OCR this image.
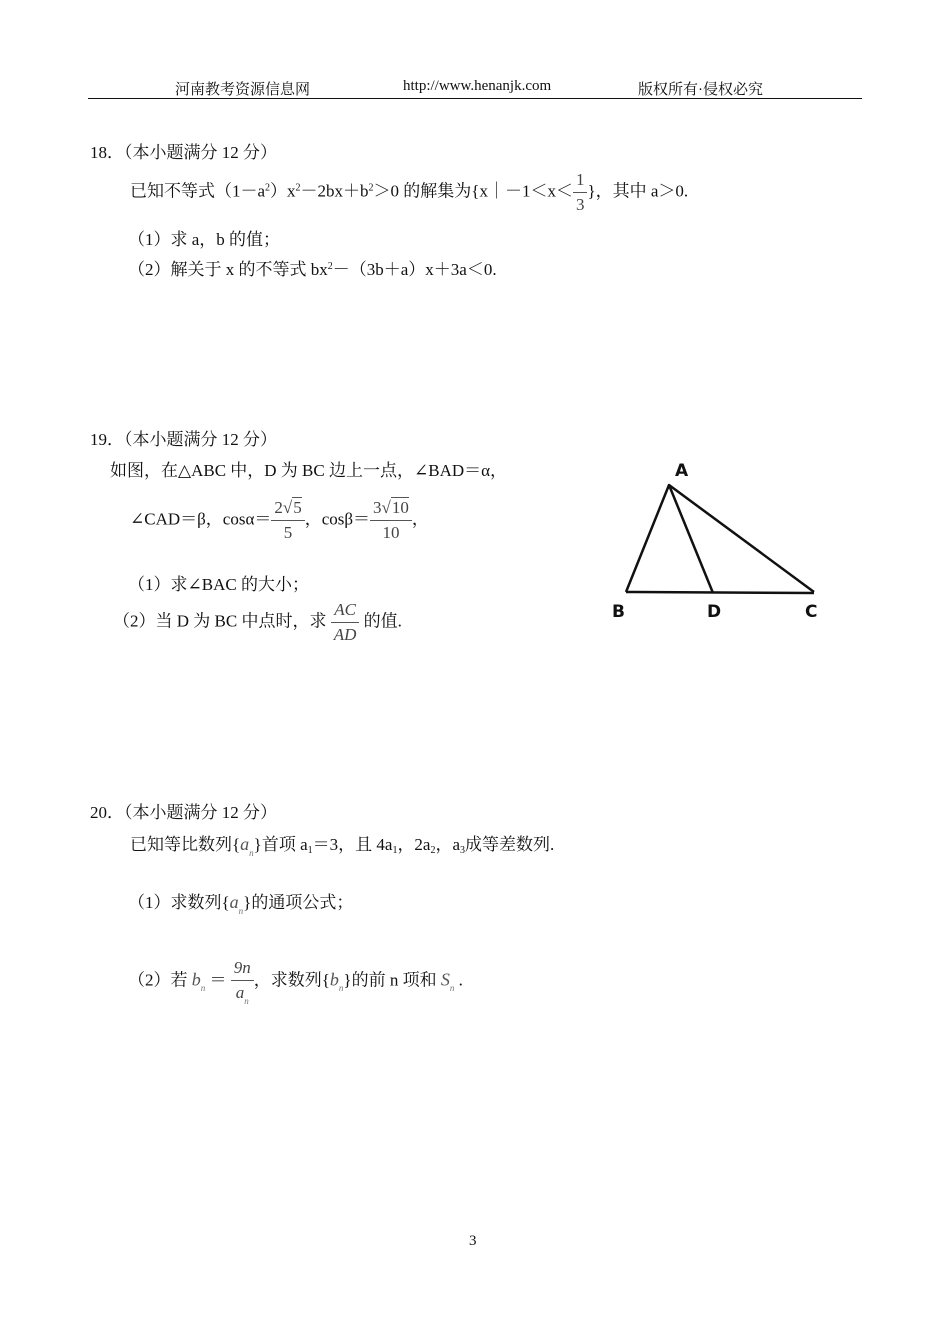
河南教考资源信息网	http://www.henanjk.com	版权所有·侵权必究
18．（本小题满分 12 分）
已知不等式$(1-a^2)x^2-2bx+b^2>0$ 的解集为{x｜－1＜x＜ $\frac{1}{3}$ }，其中 a＞0.
（1）求 a，b 的值；
（2）解关于 x 的不等式 $bx^2-(3b+a)x+3a<0$.
19．（本小题满分 12 分）
如图，在△ABC 中，D 为 BC 边上一点，∠BAD＝α，
∠CAD＝β，$\cos\alpha= \frac{2√5}{5}$ ，$\cos\beta= \frac{3√10}{10}$ ，
（1）求∠BAC 的大小；
（2）当 D 为 BC 中点时，求 $\frac{AC}{AD}$ 的值.
A
B	D	C
20．（本小题满分 12 分）
已知等比数列$\{a_n\}$首项 $a_1=3$，且 $4a_1$，$2a_2$，$a_3$成等差数列.
（1）求数列$\{a_n\}$的通项公式；
（2）若 $b_n = \frac{9n}{a_n}$ ，求数列$\{b_n\}$的前 n 项和 $S_n$ .
3
